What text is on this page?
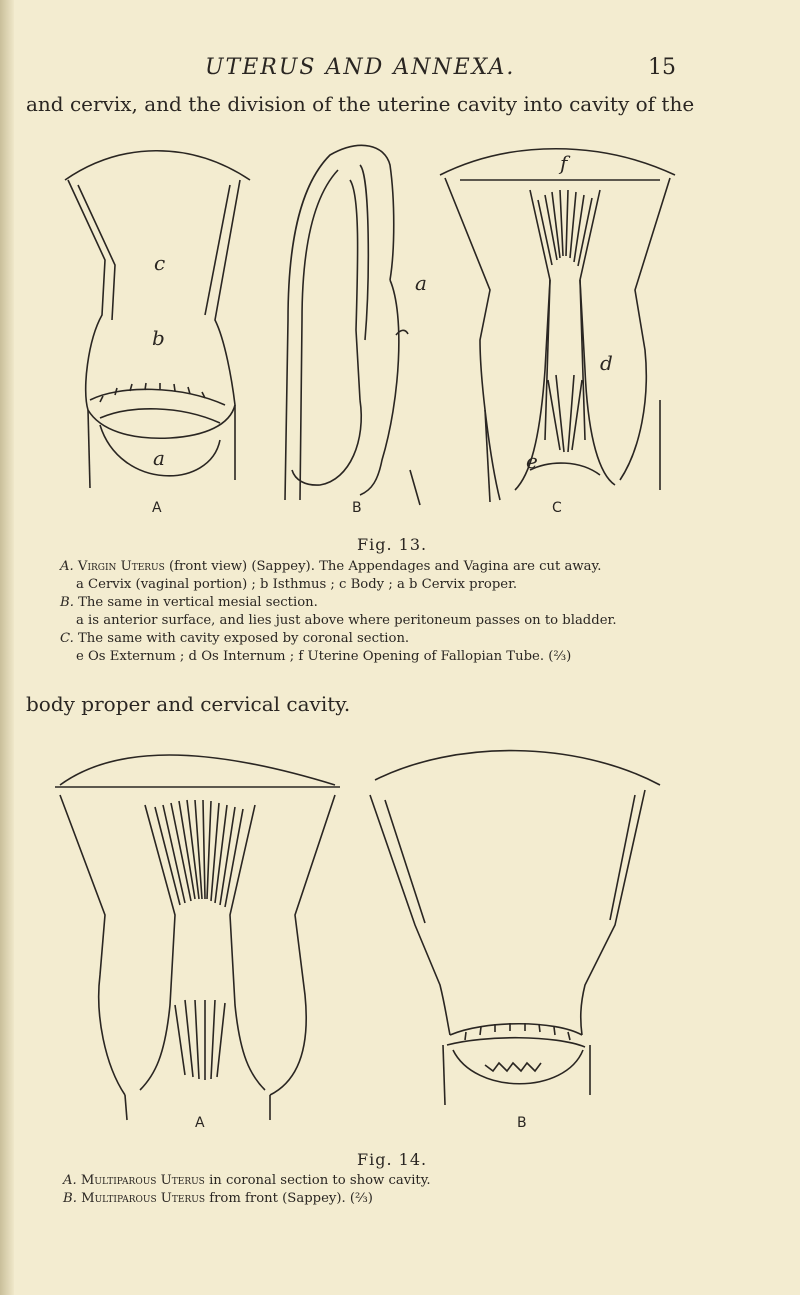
UTERUS AND ANNEXA.	15
and cervix, and the division of the uterine cavity into cavity of the
c
b
a
a
d
e
f
A	B	C
Fig. 13.
A. Virgin Uterus (front view) (Sappey). The Appendages and Vagina are cut away.
a Cervix (vaginal portion) ; b Isthmus ; c Body ; a b Cervix proper.
B. The same in vertical mesial section.
a is anterior surface, and lies just above where peritoneum passes on to bladder.
C. The same with cavity exposed by coronal section.
e Os Externum ; d Os Internum ; f Uterine Opening of Fallopian Tube. (⅔)
body proper and cervical cavity.
A	B
Fig. 14.
A. Multiparous Uterus in coronal section to show cavity.
B. Multiparous Uterus from front (Sappey). (⅔)
